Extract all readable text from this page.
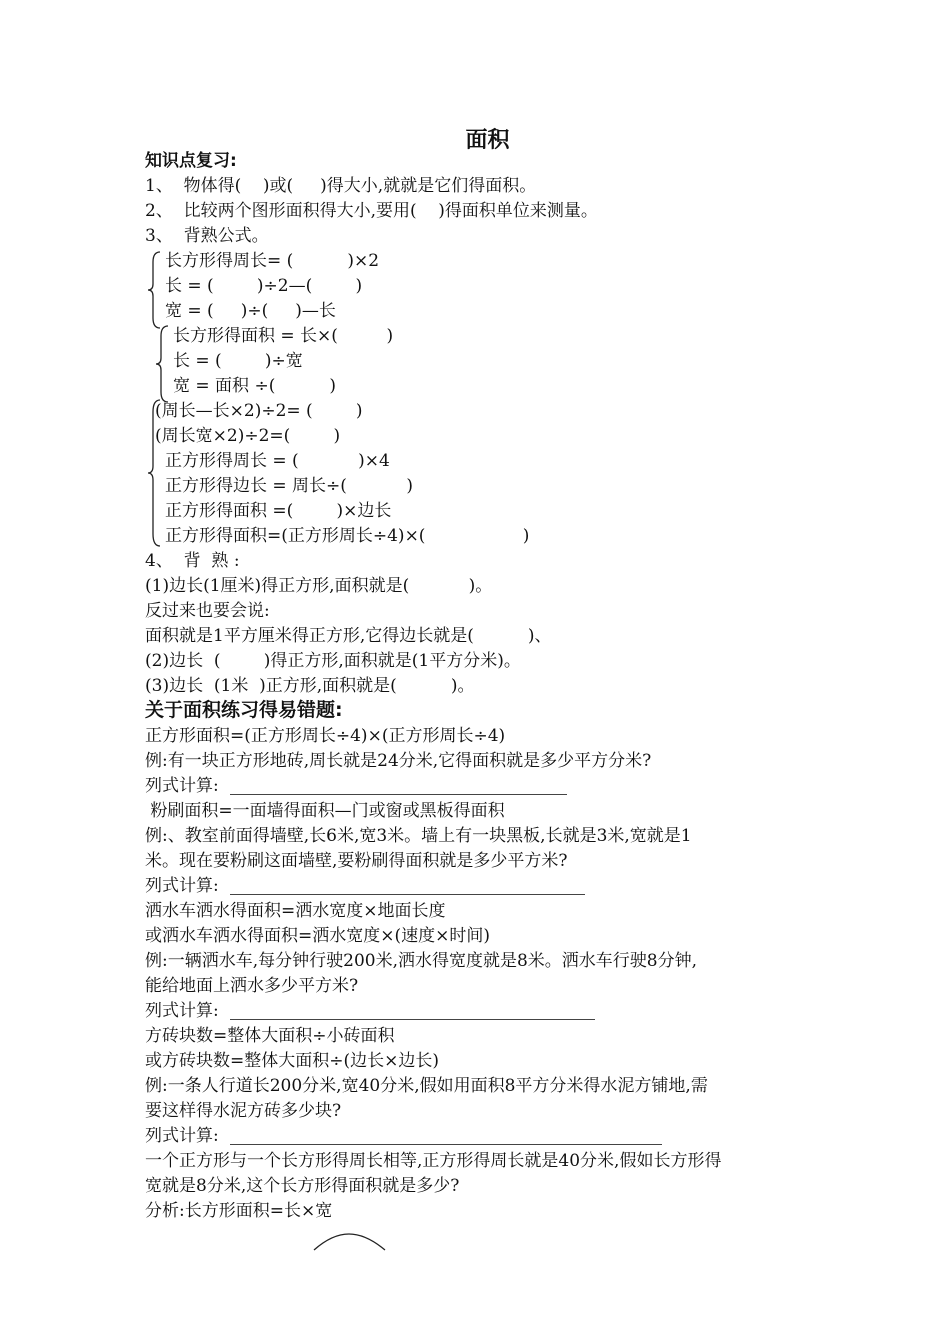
面积
知识点复习:
1、  物体得(    )或(     )得大小,就就是它们得面积。
2、  比较两个图形面积得大小,要用(    )得面积单位来测量。
3、  背熟公式。
长方形得周长= (          )×2
长 = (        )÷2—(        )
宽 = (     )÷(     )—长
长方形得面积 = 长×(         )
长 = (        )÷宽
宽 = 面积 ÷(          )
(周长—长×2)÷2= (        )
(周长宽×2)÷2=(        )
正方形得周长 = (           )×4
正方形得边长 = 周长÷(           )
正方形得面积 =(        )×边长
正方形得面积=(正方形周长÷4)×(                  )
4、  背  熟 :
(1)边长(1厘米)得正方形,面积就是(           )。
反过来也要会说:
面积就是1平方厘米得正方形,它得边长就是(          )、
(2)边长  (        )得正方形,面积就是(1平方分米)。
(3)边长  (1米  )正方形,面积就是(          )。
关于面积练习得易错题:
正方形面积=(正方形周长÷4)×(正方形周长÷4)
例:有一块正方形地砖,周长就是24分米,它得面积就是多少平方分米?
列式计算:
粉刷面积=一面墙得面积—门或窗或黑板得面积
例:、教室前面得墙壁,长6米,宽3米。墙上有一块黑板,长就是3米,宽就是1
米。现在要粉刷这面墙壁,要粉刷得面积就是多少平方米?
列式计算:
洒水车洒水得面积=洒水宽度×地面长度
或洒水车洒水得面积=洒水宽度×(速度×时间)
例:一辆洒水车,每分钟行驶200米,洒水得宽度就是8米。洒水车行驶8分钟,
能给地面上洒水多少平方米?
列式计算:
方砖块数=整体大面积÷小砖面积
或方砖块数=整体大面积÷(边长×边长)
例:一条人行道长200分米,宽40分米,假如用面积8平方分米得水泥方铺地,需
要这样得水泥方砖多少块?
列式计算:
一个正方形与一个长方形得周长相等,正方形得周长就是40分米,假如长方形得
宽就是8分米,这个长方形得面积就是多少?
分析:长方形面积=长×宽
